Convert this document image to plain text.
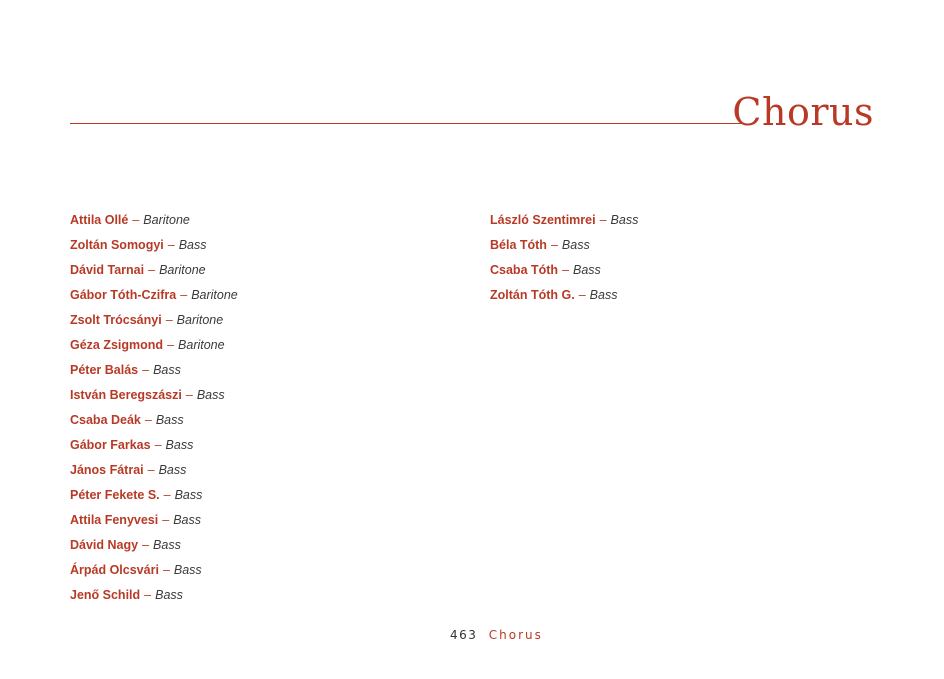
Chorus
Attila Ollé – Baritone
Zoltán Somogyi – Bass
Dávid Tarnai – Baritone
Gábor Tóth-Czifra – Baritone
Zsolt Trócsányi – Baritone
Géza Zsigmond – Baritone
Péter Balás – Bass
István Beregszászi – Bass
Csaba Deák – Bass
Gábor Farkas – Bass
János Fátrai – Bass
Péter Fekete S. – Bass
Attila Fenyvesi – Bass
Dávid Nagy – Bass
Árpád Olcsvári – Bass
Jenő Schild – Bass
László Szentimrei – Bass
Béla Tóth – Bass
Csaba Tóth – Bass
Zoltán Tóth G. – Bass
463 Chorus
